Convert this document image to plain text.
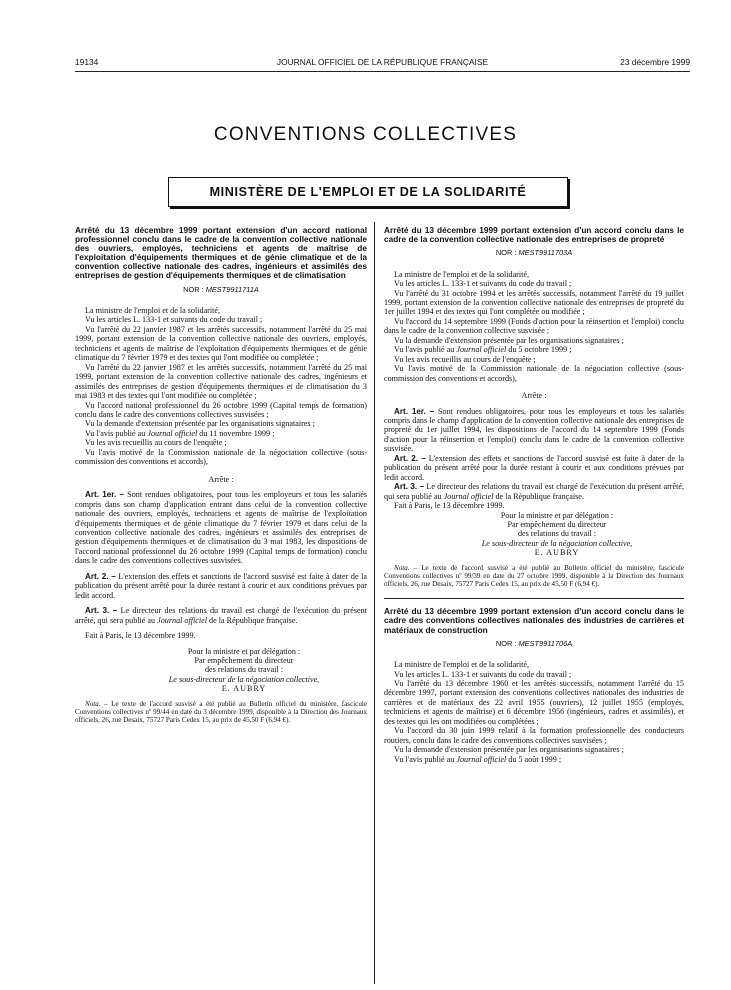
19134	JOURNAL OFFICIEL DE LA RÉPUBLIQUE FRANÇAISE	23 décembre 1999
CONVENTIONS COLLECTIVES
MINISTÈRE DE L'EMPLOI ET DE LA SOLIDARITÉ
Arrêté du 13 décembre 1999 portant extension d'un accord national professionnel conclu dans le cadre de la convention collective nationale des ouvriers, employés, techniciens et agents de maîtrise de l'exploitation d'équipements thermiques et de génie climatique et de la convention collective nationale des cadres, ingénieurs et assimilés des entreprises de gestion d'équipements thermiques et de climatisation
NOR : MEST9911711A

La ministre de l'emploi et de la solidarité,

Vu les articles L. 133-1 et suivants du code du travail ;

Vu l'arrêté du 22 janvier 1987 et les arrêtés successifs, notamment l'arrêté du 25 mai 1999, portant extension de la convention collective nationale des ouvriers, employés, techniciens et agents de maîtrise de l'exploitation d'équipements thermiques et de génie climatique du 7 février 1979 et des textes qui l'ont modifiée ou complétée ;

Vu l'arrêté du 22 janvier 1987 et les arrêtés successifs, notamment l'arrêté du 25 mai 1999, portant extension de la convention collective nationale des cadres, ingénieurs et assimilés des entreprises de gestion d'équipements thermiques et de climatisation du 3 mai 1983 et des textes qui l'ont modifiée ou complétée ;

Vu l'accord national professionnel du 26 octobre 1999 (Capital temps de formation) conclu dans le cadre des conventions collectives susvisées ;

Vu la demande d'extension présentée par les organisations signataires ;

Vu l'avis publié au Journal officiel du 11 novembre 1999 ;

Vu les avis recueillis au cours de l'enquête ;

Vu l'avis motivé de la Commission nationale de la négociation collective (sous-commission des conventions et accords),

Arrête :

Art. 1er. – Sont rendues obligatoires, pour tous les employeurs et tous les salariés compris dans son champ d'application entrant dans celui de la convention collective nationale des ouvriers, employés, techniciens et agents de maîtrise de l'exploitation d'équipements thermiques et de génie climatique du 7 février 1979 et dans celui de la convention collective nationale des cadres, ingénieurs et assimilés des entreprises de gestion d'équipements thermiques et de climatisation du 3 mai 1983, les dispositions de l'accord national professionnel du 26 octobre 1999 (Capital temps de formation) conclu dans le cadre des conventions collectives susvisées.

Art. 2. – L'extension des effets et sanctions de l'accord susvisé est faite à dater de la publication du présent arrêté pour la durée restant à courir et aux conditions prévues par ledit accord.

Art. 3. – Le directeur des relations du travail est chargé de l'exécution du présent arrêté, qui sera publié au Journal officiel de la République française.

Fait à Paris, le 13 décembre 1999.

Pour la ministre et par délégation :
Par empêchement du directeur
des relations du travail :
Le sous-directeur de la négociation collective,
E. AUBRY
Nota. – Le texte de l'accord susvisé a été publié au Bulletin officiel du ministère, fascicule Conventions collectives nº 99/44 en date du 3 décembre 1999, disponible à la Direction des Journaux officiels, 26, rue Desaix, 75727 Paris Cedex 15, au prix de 45,50 F (6,94 €).
Arrêté du 13 décembre 1999 portant extension d'un accord conclu dans le cadre de la convention collective nationale des entreprises de propreté
NOR : MEST9911703A

La ministre de l'emploi et de la solidarité,

Vu les articles L. 133-1 et suivants du code du travail ;

Vu l'arrêté du 31 octobre 1994 et les arrêtés successifs, notamment l'arrêté du 19 juillet 1999, portant extension de la convention collective nationale des entreprises de propreté du 1er juillet 1994 et des textes qui l'ont complétée ou modifiée ;

Vu l'accord du 14 septembre 1999 (Fonds d'action pour la réinsertion et l'emploi) conclu dans le cadre de la convention collective susvisée ;

Vu la demande d'extension présentée par les organisations signataires ;

Vu l'avis publié au Journal officiel du 5 octobre 1999 ;

Vu les avis recueillis au cours de l'enquête ;

Vu l'avis motivé de la Commission nationale de la négociation collective (sous-commission des conventions et accords),

Arrête :

Art. 1er. – Sont rendues obligatoires, pour tous les employeurs et tous les salariés compris dans le champ d'application de la convention collective nationale des entreprises de propreté du 1er juillet 1994, les dispositions de l'accord du 14 septembre 1999 (Fonds d'action pour la réinsertion et l'emploi) conclu dans le cadre de la convention collective susvisée.

Art. 2. – L'extension des effets et sanctions de l'accord susvisé est faite à dater de la publication du présent arrêté pour la durée restant à courir et aux conditions prévues par ledit accord.

Art. 3. – Le directeur des relations du travail est chargé de l'exécution du présent arrêté, qui sera publié au Journal officiel de la République française.

Fait à Paris, le 13 décembre 1999.

Pour la ministre et par délégation :
Par empêchement du directeur
des relations du travail :
Le sous-directeur de la négociation collective,
E. AUBRY
Nota. – Le texte de l'accord susvisé a été publié au Bulletin officiel du ministère, fascicule Conventions collectives nº 99/39 en date du 27 octobre 1999, disponible à la Direction des Journaux officiels, 26, rue Desaix, 75727 Paris Cedex 15, au prix de 45,50 F (6,94 €).
Arrêté du 13 décembre 1999 portant extension d'un accord conclu dans le cadre des conventions collectives nationales des industries de carrières et matériaux de construction
NOR : MEST9911706A

La ministre de l'emploi et de la solidarité,

Vu les articles L. 133-1 et suivants du code du travail ;

Vu l'arrêté du 13 décembre 1960 et les arrêtés successifs, notamment l'arrêté du 15 décembre 1997, portant extension des conventions collectives nationales des industries de carrières et de matériaux des 22 avril 1955 (ouvriers), 12 juillet 1955 (employés, techniciens et agents de maîtrise) et 6 décembre 1956 (ingénieurs, cadres et assimilés), et des textes qui les ont modifiées ou complétées ;

Vu l'accord du 30 juin 1999 relatif à la formation professionnelle des conducteurs routiers, conclu dans le cadre des conventions collectives susvisées ;

Vu la demande d'extension présentée par les organisations signataires ;

Vu l'avis publié au Journal officiel du 5 août 1999 ;
